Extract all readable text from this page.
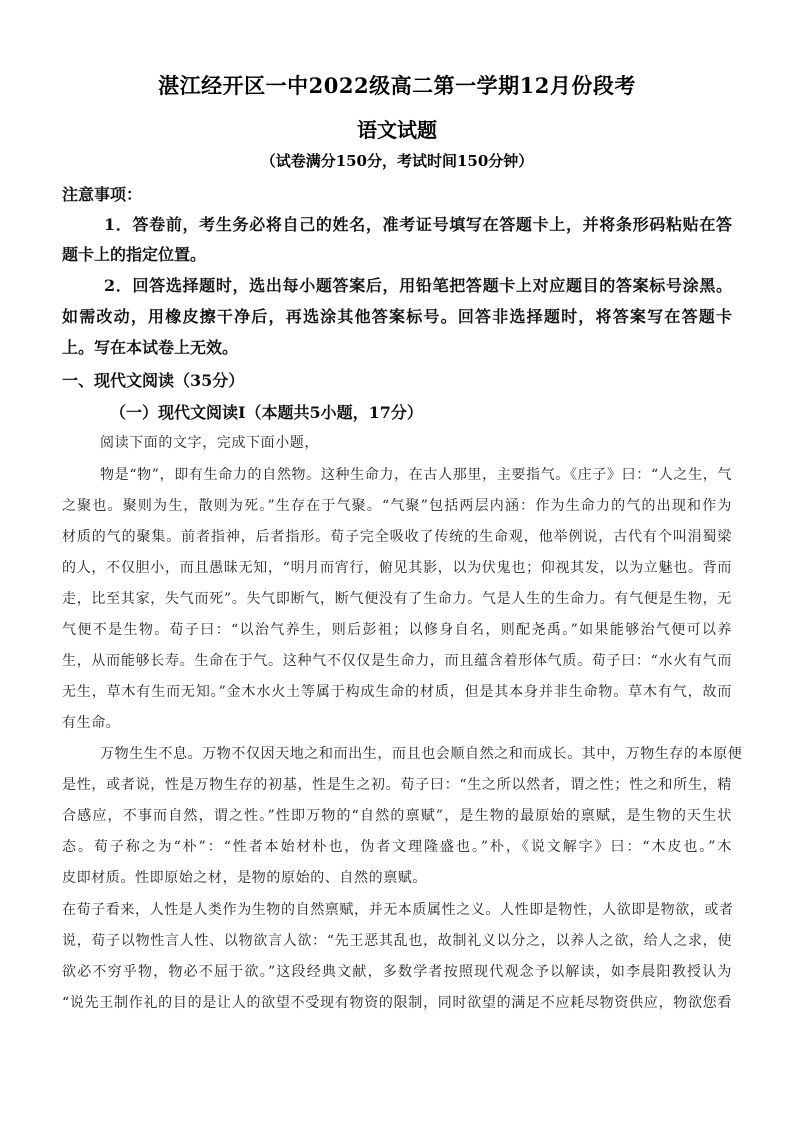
湛江经开区一中2022级高二第一学期12月份段考
语文试题
（试卷满分150分，考试时间150分钟）
注意事项：
1．答卷前，考生务必将自己的姓名，准考证号填写在答题卡上，并将条形码粘贴在答
题卡上的指定位置。
2．回答选择题时，选出每小题答案后，用铅笔把答题卡上对应题目的答案标号涂黑。
如需改动，用橡皮擦干净后，再选涂其他答案标号。回答非选择题时，将答案写在答题卡
上。写在本试卷上无效。
一、现代文阅读（35分）
（一）现代文阅读Ⅰ（本题共5小题，17分）
阅读下面的文字，完成下面小题，
物是“物”，即有生命力的自然物。这种生命力，在古人那里，主要指气。《庄子》曰：“人之生，气
之聚也。聚则为生，散则为死。”生存在于气聚。“气聚”包括两层内涵：作为生命力的气的出现和作为
材质的气的聚集。前者指神，后者指形。荀子完全吸收了传统的生命观，他举例说，古代有个叫涓蜀梁
的人，不仅胆小，而且愚昧无知，“明月而宵行，俯见其影，以为伏鬼也；仰视其发，以为立魅也。背而
走，比至其家，失气而死”。失气即断气，断气便没有了生命力。气是人生的生命力。有气便是生物，无
气便不是生物。荀子曰：“以治气养生，则后彭祖；以修身自名，则配尧禹。”如果能够治气便可以养
生，从而能够长寿。生命在于气。这种气不仅仅是生命力，而且蕴含着形体气质。荀子曰：“水火有气而
无生，草木有生而无知。”金木水火土等属于构成生命的材质，但是其本身并非生命物。草木有气，故而
有生命。
万物生生不息。万物不仅因天地之和而出生，而且也会顺自然之和而成长。其中，万物生存的本原便
是性，或者说，性是万物生存的初基，性是生之初。荀子曰：“生之所以然者，谓之性；性之和所生，精
合感应，不事而自然，谓之性。”性即万物的“自然的禀赋”，是生物的最原始的禀赋，是生物的天生状
态。荀子称之为“朴”：“性者本始材朴也，伪者文理隆盛也。”朴，《说文解字》曰：“木皮也。”木
皮即材质。性即原始之材，是物的原始的、自然的禀赋。
在荀子看来，人性是人类作为生物的自然禀赋，并无本质属性之义。人性即是物性，人欲即是物欲，或者
说，荀子以物性言人性、以物欲言人欲：“先王恶其乱也，故制礼义以分之，以养人之欲，给人之求，使
欲必不穷乎物，物必不屈于欲。”这段经典文献，多数学者按照现代观念予以解读，如李晨阳教授认为
“说先王制作礼的目的是让人的欲望不受现有物资的限制，同时欲望的满足不应耗尽物资供应，物欲您看
